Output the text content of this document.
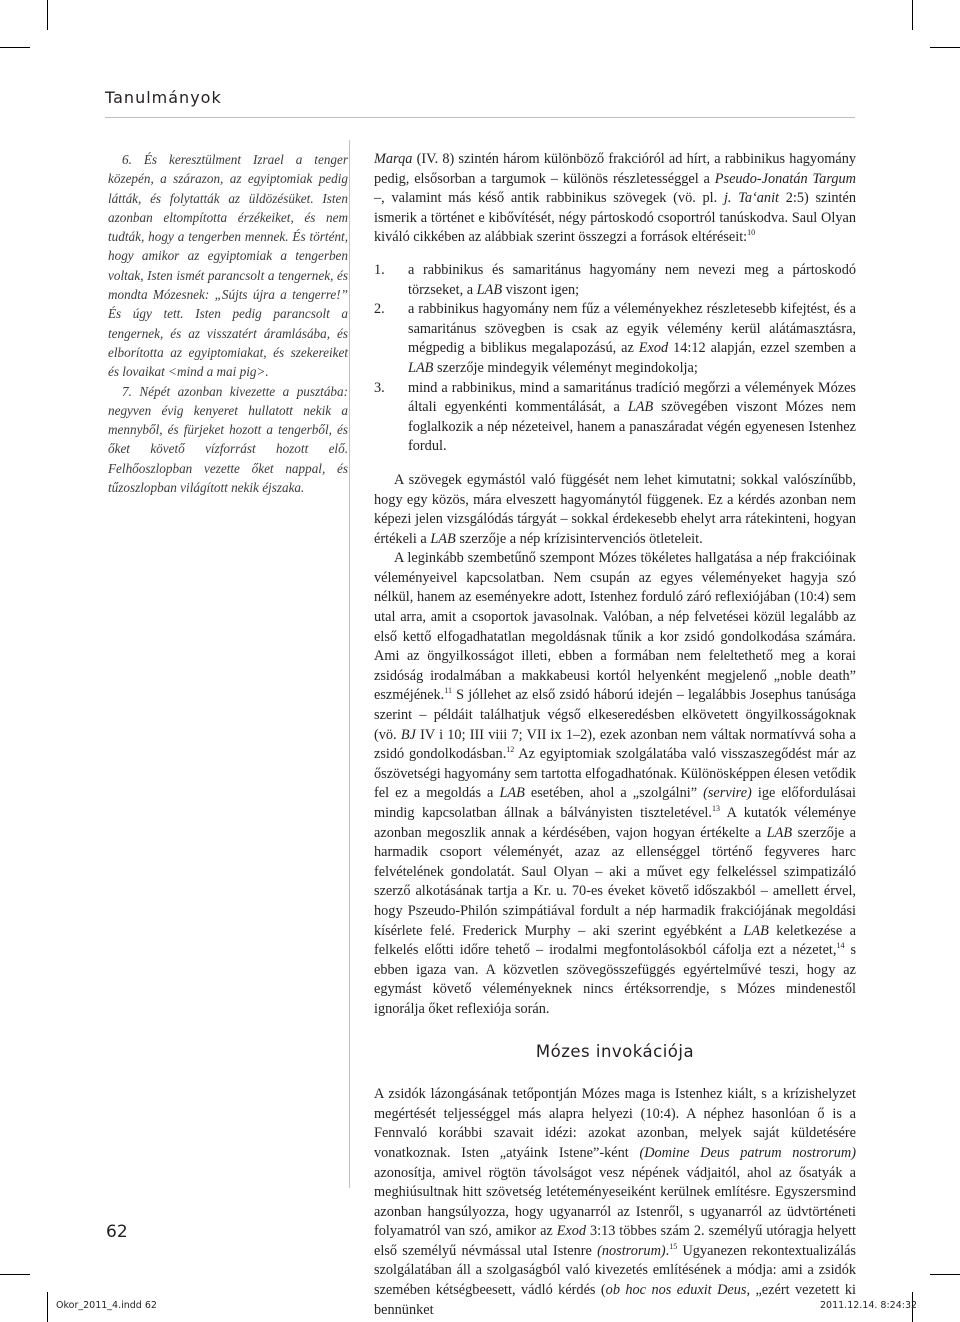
Tanulmányok

6. És keresztülment Izrael a tenger közepén, a szárazon, az egyiptomiak pedig látták, és folytatták az üldözésüket. Isten azonban eltompította érzékeiket, és nem tudták, hogy a tengerben mennek. És történt, hogy amikor az egyiptomiak a tengerben voltak, Isten ismét parancsolt a tengernek, és mondta Mózesnek: „Sújts újra a tengerre!” És úgy tett. Isten pedig parancsolt a tengernek, és az visszatért áramlásába, és elborította az egyiptomiakat, és szekereiket és lovaikat <mind a mai pig>.

7. Népét azonban kivezette a pusztába: negyven évig kenyeret hullatott nekik a mennyből, és fürjeket hozott a tengerből, és őket követő vízforrást hozott elő. Felhőoszlopban vezette őket nappal, és tűzoszlopban világított nekik éjszaka.

Marqa (IV. 8) szintén három különböző frakcióról ad hírt, a rabbinikus hagyomány pedig, elsősorban a targumok – különös részletességgel a Pseudo-Jonatán Targum –, valamint más késő antik rabbinikus szövegek (vö. pl. j. Ta‘anit 2:5) szintén ismerik a történet e kibővítését, négy pártoskodó csoportról tanúskodva. Saul Olyan kiváló cikkében az alábbiak szerint összegzi a források eltéréseit:$^{10}$

1. a rabbinikus és samaritánus hagyomány nem nevezi meg a pártoskodó törzseket, a LAB viszont igen;
2. a rabbinikus hagyomány nem fűz a véleményekhez részletesebb kifejtést, és a samaritánus szövegben is csak az egyik vélemény kerül alátámasztásra, mégpedig a biblikus megalapozású, az Exod 14:12 alapján, ezzel szemben a LAB szerzője mindegyik véleményt megindokolja;
3. mind a rabbinikus, mind a samaritánus tradíció megőrzi a vélemények Mózes általi egyenkénti kommentálását, a LAB szövegében viszont Mózes nem foglalkozik a nép nézeteivel, hanem a panaszáradat végén egyenesen Istenhez fordul.

A szövegek egymástól való függését nem lehet kimutatni; sokkal valószínűbb, hogy egy közös, mára elveszett hagyománytól függenek. Ez a kérdés azonban nem képezi jelen vizsgálódás tárgyát – sokkal érdekesebb ehelyt arra rátekinteni, hogyan értékeli a LAB szerzője a nép krízisintervenciós ötleteleit.

A leginkább szembetűnő szempont Mózes tökéletes hallgatása a nép frakcióinak véleményeivel kapcsolatban. Nem csupán az egyes véleményeket hagyja szó nélkül, hanem az eseményekre adott, Istenhez forduló záró reflexiójában (10:4) sem utal arra, amit a csoportok javasolnak. Valóban, a nép felvetései közül legalább az első kettő elfogadhatatlan megoldásnak tűnik a kor zsidó gondolkodása számára. Ami az öngyilkosságot illeti, ebben a formában nem feleltethető meg a korai zsidóság irodalmában a makkabeusi kortól helyenként megjelenő „noble death” eszméjének.$^{11}$ S jóllehet az első zsidó háború idején – legalábbis Josephus tanúsága szerint – példáit találhatjuk végső elkeseredésben elkövetett öngyilkosságoknak (vö. BJ IV i 10; III viii 7; VII ix 1–2), ezek azonban nem váltak normatívvá soha a zsidó gondolkodásban.$^{12}$ Az egyiptomiak szolgálatába való visszaszegődést már az őszövetségi hagyomány sem tartotta elfogadhatónak. Különösképpen élesen vetődik fel ez a megoldás a LAB esetében, ahol a „szolgálni” (servire) ige előfordulásai mindig kapcsolatban állnak a bálványisten tiszteletével.$^{13}$ A kutatók véleménye azonban megoszlik annak a kérdésében, vajon hogyan értékelte a LAB szerzője a harmadik csoport véleményét, azaz az ellenséggel történő fegyveres harc felvételének gondolatát. Saul Olyan – aki a művet egy felkeléssel szimpatizáló szerző alkotásának tartja a Kr. u. 70-es éveket követő időszakból – amellett érvel, hogy Pszeudo-Philón szimpátiával fordult a nép harmadik frakciójának megoldási kísérlete felé. Frederick Murphy – aki szerint egyébként a LAB keletkezése a felkelés előtti időre tehető – irodalmi megfontolásokból cáfolja ezt a nézetet,$^{14}$ s ebben igaza van. A közvetlen szövegösszefüggés egyértelművé teszi, hogy az egymást követő véleményeknek nincs értéksorrendje, s Mózes mindenestől ignorálja őket reflexiója során.

Mózes invokációja

A zsidók lázongásának tetőpontján Mózes maga is Istenhez kiált, s a krízishelyzet megértését teljességgel más alapra helyezi (10:4). A néphez hasonlóan ő is a Fennvaló korábbi szavait idézi: azokat azonban, melyek saját küldetésére vonatkoznak. Isten „atyáink Istene”-ként (Domine Deus patrum nostrorum) azonosítja, amivel rögtön távolságot vesz népének vádjaitól, ahol az ősatyák a meghiúsultnak hitt szövetség letéteményeseiként kerülnek említésre. Egyszersmind azonban hangsúlyozza, hogy ugyanarról az Istenről, s ugyanarról az üdvtörténeti folyamatról van szó, amikor az Exod 3:13 többes szám 2. személyű utóragja helyett első személyű névmással utal Istenre (nostrorum).$^{15}$ Ugyanezen rekontextualizálás szolgálatában áll a szolgaságból való kivezetés említésének a módja: ami a zsidók szemében kétségbeesett, vádló kérdés (ob hoc nos eduxit Deus, „ezért vezetett ki bennünket

62
Okor_2011_4.indd 62	2011.12.14. 8:24:32
